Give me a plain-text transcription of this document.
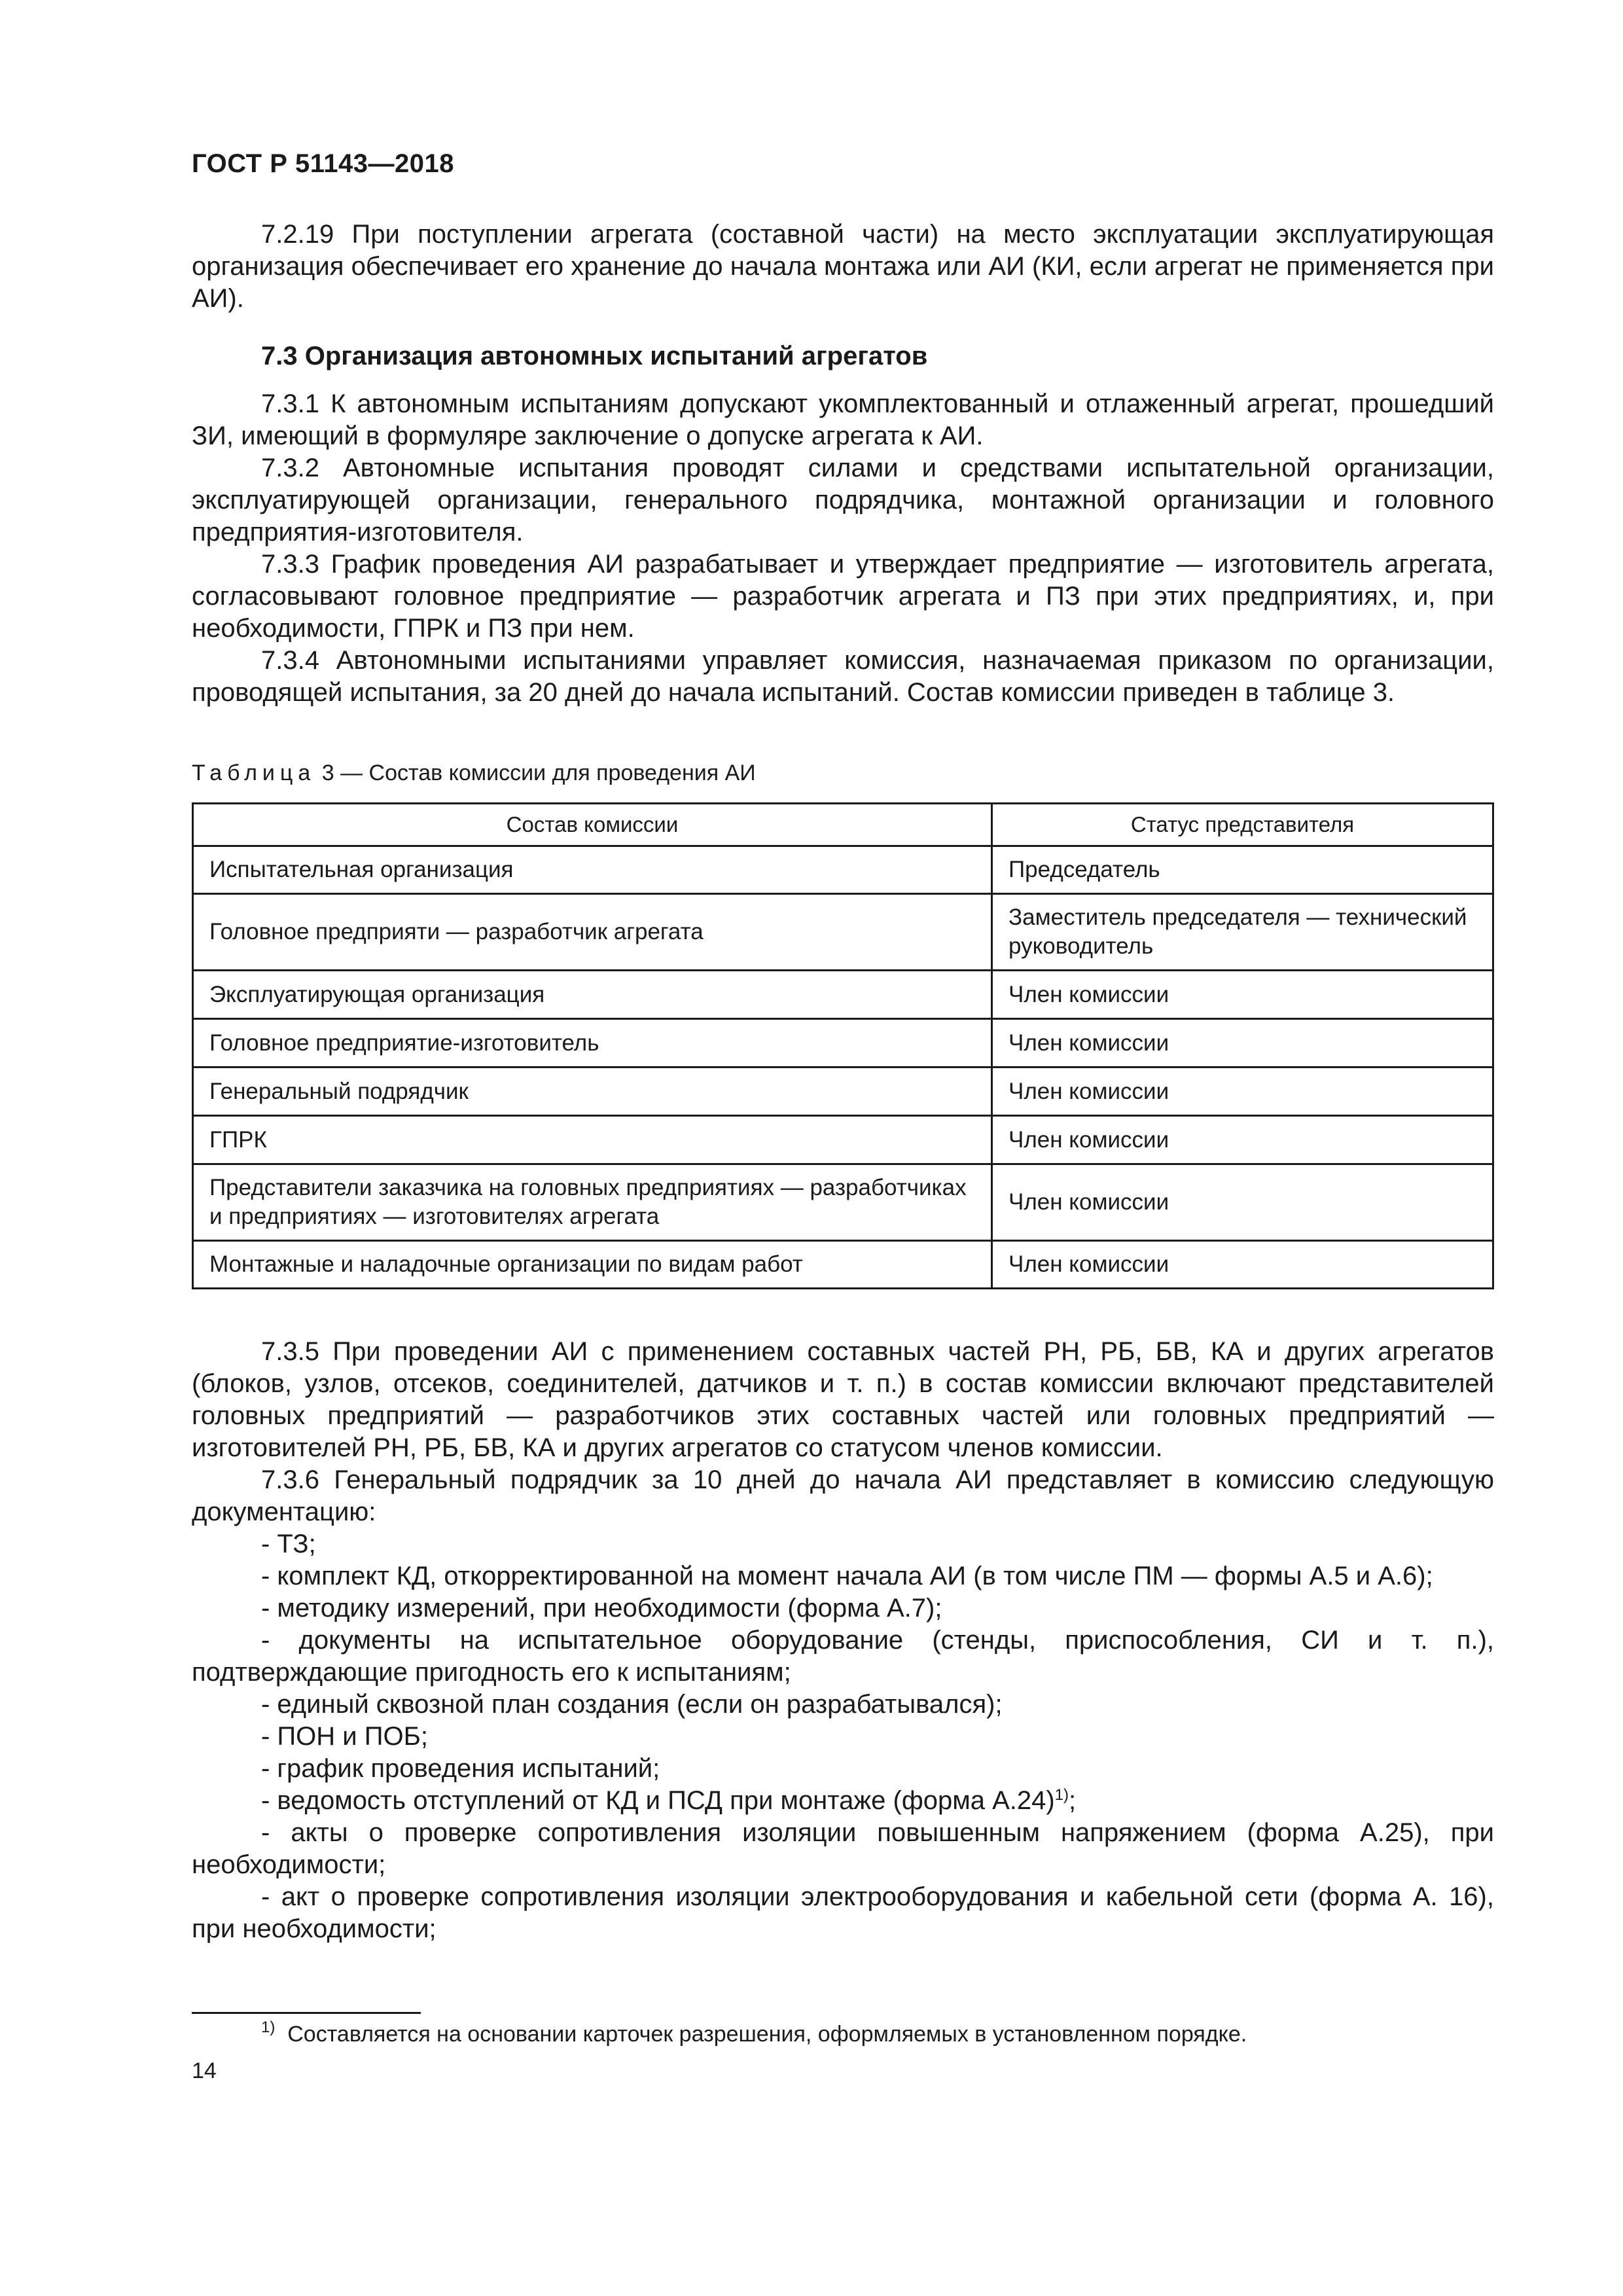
ГОСТ Р 51143—2018

7.2.19 При поступлении агрегата (составной части) на место эксплуатации эксплуатирующая организация обеспечивает его хранение до начала монтажа или АИ (КИ, если агрегат не применяется при АИ).

7.3 Организация автономных испытаний агрегатов

7.3.1 К автономным испытаниям допускают укомплектованный и отлаженный агрегат, прошедший ЗИ, имеющий в формуляре заключение о допуске агрегата к АИ.

7.3.2 Автономные испытания проводят силами и средствами испытательной организации, эксплуатирующей организации, генерального подрядчика, монтажной организации и головного предприятия-изготовителя.

7.3.3 График проведения АИ разрабатывает и утверждает предприятие — изготовитель агрегата, согласовывают головное предприятие — разработчик агрегата и ПЗ при этих предприятиях, и, при необходимости, ГПРК и ПЗ при нем.

7.3.4 Автономными испытаниями управляет комиссия, назначаемая приказом по организации, проводящей испытания, за 20 дней до начала испытаний. Состав комиссии приведен в таблице 3.

Таблица 3 — Состав комиссии для проведения АИ
Состав комиссии	Статус представителя
Испытательная организация	Председатель
Головное предприяти — разработчик агрегата	Заместитель председателя — технический руководитель
Эксплуатирующая организация	Член комиссии
Головное предприятие-изготовитель	Член комиссии
Генеральный подрядчик	Член комиссии
ГПРК	Член комиссии
Представители заказчика на головных предприятиях — разработчиках и предприятиях — изготовителях агрегата	Член комиссии
Монтажные и наладочные организации по видам работ	Член комиссии

7.3.5 При проведении АИ с применением составных частей РН, РБ, БВ, КА и других агрегатов (блоков, узлов, отсеков, соединителей, датчиков и т. п.) в состав комиссии включают представителей головных предприятий — разработчиков этих составных частей или головных предприятий — изготовителей РН, РБ, БВ, КА и других агрегатов со статусом членов комиссии.

7.3.6 Генеральный подрядчик за 10 дней до начала АИ представляет в комиссию следующую документацию:

- ТЗ;
- комплект КД, откорректированной на момент начала АИ (в том числе ПМ — формы А.5 и А.6);
- методику измерений, при необходимости (форма А.7);
- документы на испытательное оборудование (стенды, приспособления, СИ и т. п.), подтверждающие пригодность его к испытаниям;
- единый сквозной план создания (если он разрабатывался);
- ПОН и ПОБ;
- график проведения испытаний;
- ведомость отступлений от КД и ПСД при монтаже (форма А.24)$^{1)}$;
- акты о проверке сопротивления изоляции повышенным напряжением (форма А.25), при необходимости;
- акт о проверке сопротивления изоляции электрооборудования и кабельной сети (форма А. 16), при необходимости;
$^{1)}$ Составляется на основании карточек разрешения, оформляемых в установленном порядке.
14
